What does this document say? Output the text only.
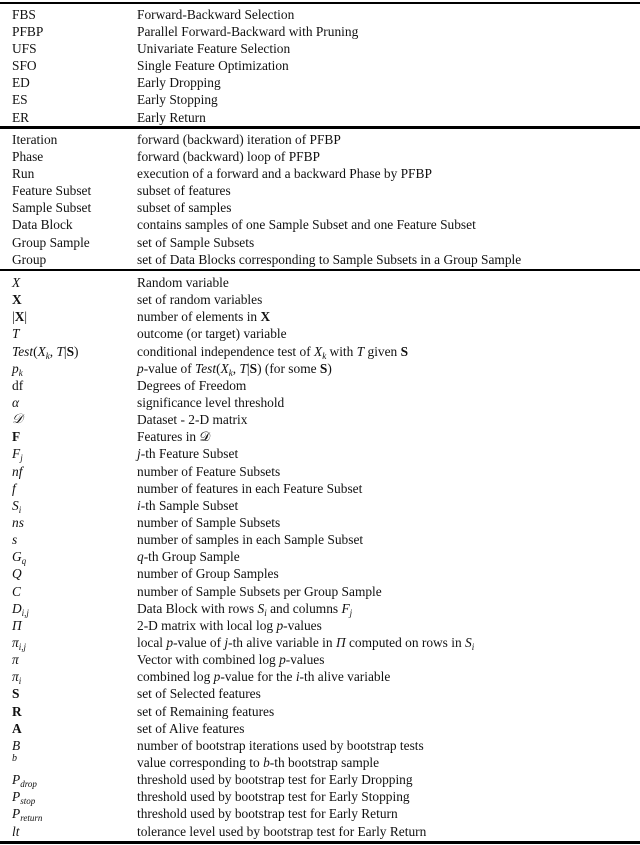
FBS	Forward-Backward Selection
PFBP	Parallel Forward-Backward with Pruning
UFS	Univariate Feature Selection
SFO	Single Feature Optimization
ED	Early Dropping
ES	Early Stopping
ER	Early Return
Iteration	forward (backward) iteration of PFBP
Phase	forward (backward) loop of PFBP
Run	execution of a forward and a backward Phase by PFBP
Feature Subset	subset of features
Sample Subset	subset of samples
Data Block	contains samples of one Sample Subset and one Feature Subset
Group Sample	set of Sample Subsets
Group	set of Data Blocks corresponding to Sample Subsets in a Group Sample
X	Random variable
X	set of random variables
|X|	number of elements in X
T	outcome (or target) variable
$Test(X_k$, T|S)	conditional independence test of $X_k$ with T given S
$p_k$	p-value of $Test(X_k$, T|S) (for some S)
df	Degrees of Freedom
α	significance level threshold
𝒟	Dataset - 2-D matrix
F	Features in 𝒟
$F_j$	j-th Feature Subset
nf	number of Feature Subsets
f	number of features in each Feature Subset
$S_i$	i-th Sample Subset
ns	number of Sample Subsets
s	number of samples in each Sample Subset
$G_q$	q-th Group Sample
Q	number of Group Samples
C	number of Sample Subsets per Group Sample
$D_{i,j}$	Data Block with rows $S_i$ and columns $F_j$
Π	2-D matrix with local log p-values
$\pi_{i,j}$	local p-value of j-th alive variable in Π computed on rows in $S_i$
π	Vector with combined log p-values
$\pi_i$	combined log p-value for the i-th alive variable
S	set of Selected features
R	set of Remaining features
A	set of Alive features
B	number of bootstrap iterations used by bootstrap tests
b	value corresponding to b-th bootstrap sample
$P_{drop}$	threshold used by bootstrap test for Early Dropping
$P_{stop}$	threshold used by bootstrap test for Early Stopping
$P_{return}$	threshold used by bootstrap test for Early Return
lt	tolerance level used by bootstrap test for Early Return
